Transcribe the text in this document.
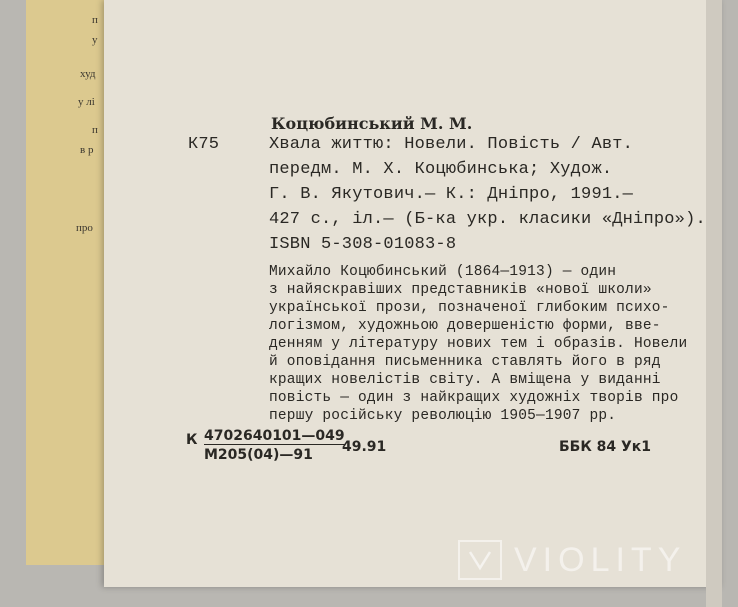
п
у
худ
у лі
п
в р
про
Коцюбинський М. М.
К75	Хвала життю: Новели. Повість / Авт.
передм. М. Х. Коцюбинська; Худож.
Г. В. Якутович.— К.: Дніпро, 1991.—
427 с., іл.— (Б-ка укр. класики «Дніпро»).
ISBN 5-308-01083-8
Михайло Коцюбинський (1864—1913) — один
з найяскравіших представників «нової школи»
української прози, позначеної глибоким психо-
логізмом, художньою довершеністю форми, вве-
денням у літературу нових тем і образів. Новели
й оповідання письменника ставлять його в ряд
кращих новелістів світу. А вміщена у виданні
повість — один з найкращих художніх творів про
першу російську революцію 1905—1907 рр.
К 4702640101—049
М205(04)—91 49.91	ББК 84 Ук1
VIOLITY
